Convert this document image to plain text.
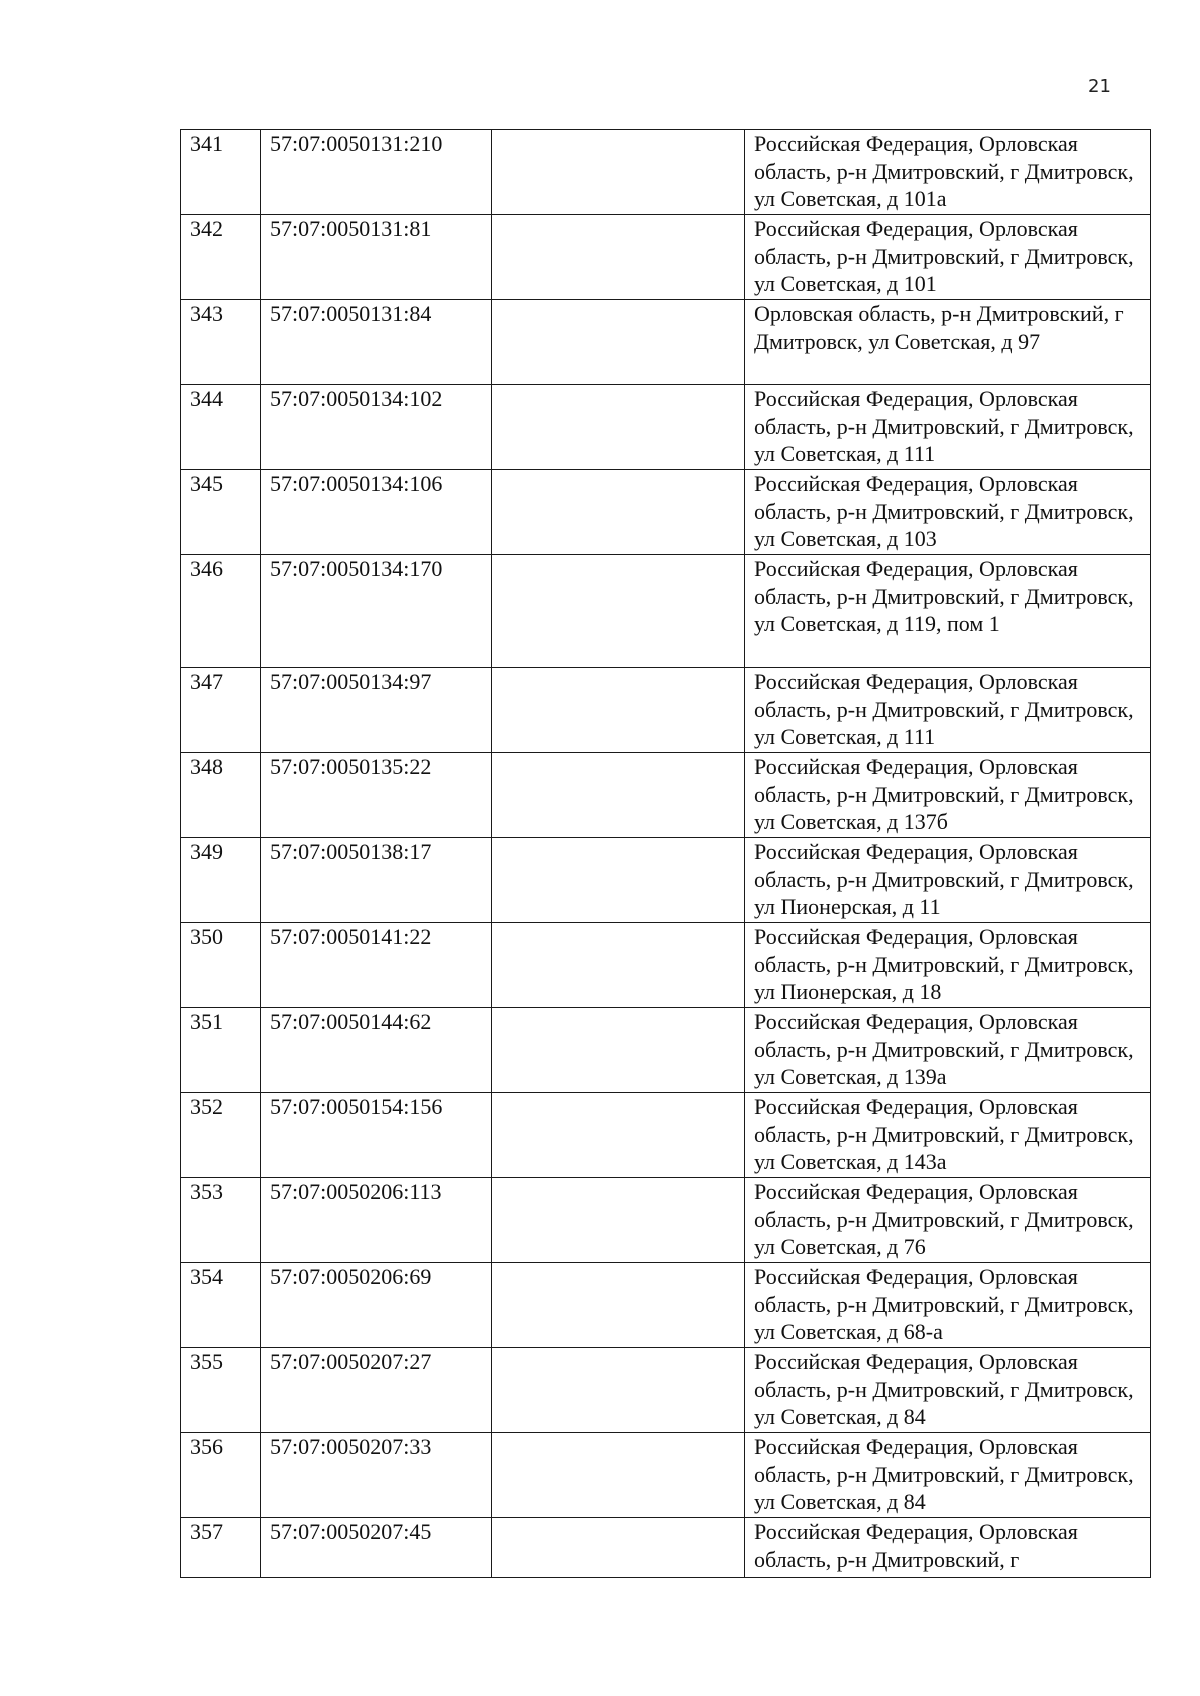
21
341	57:07:0050131:210		Российская Федерация, Орловская область, р-н Дмитровский, г Дмитровск, ул Советская, д 101а
342	57:07:0050131:81		Российская Федерация, Орловская область, р-н Дмитровский, г Дмитровск, ул Советская, д 101
343	57:07:0050131:84		Орловская область, р-н Дмитровский, г Дмитровск, ул Советская, д 97
344	57:07:0050134:102		Российская Федерация, Орловская область, р-н Дмитровский, г Дмитровск, ул Советская, д 111
345	57:07:0050134:106		Российская Федерация, Орловская область, р-н Дмитровский, г Дмитровск, ул Советская, д 103
346	57:07:0050134:170		Российская Федерация, Орловская область, р-н Дмитровский, г Дмитровск, ул Советская, д 119, пом 1
347	57:07:0050134:97		Российская Федерация, Орловская область, р-н Дмитровский, г Дмитровск, ул Советская, д 111
348	57:07:0050135:22		Российская Федерация, Орловская область, р-н Дмитровский, г Дмитровск, ул Советская, д 137б
349	57:07:0050138:17		Российская Федерация, Орловская область, р-н Дмитровский, г Дмитровск, ул Пионерская, д 11
350	57:07:0050141:22		Российская Федерация, Орловская область, р-н Дмитровский, г Дмитровск, ул Пионерская, д 18
351	57:07:0050144:62		Российская Федерация, Орловская область, р-н Дмитровский, г Дмитровск, ул Советская, д 139а
352	57:07:0050154:156		Российская Федерация, Орловская область, р-н Дмитровский, г Дмитровск, ул Советская, д 143а
353	57:07:0050206:113		Российская Федерация, Орловская область, р-н Дмитровский, г Дмитровск, ул Советская, д 76
354	57:07:0050206:69		Российская Федерация, Орловская область, р-н Дмитровский, г Дмитровск, ул Советская, д 68-а
355	57:07:0050207:27		Российская Федерация, Орловская область, р-н Дмитровский, г Дмитровск, ул Советская, д 84
356	57:07:0050207:33		Российская Федерация, Орловская область, р-н Дмитровский, г Дмитровск, ул Советская, д 84
357	57:07:0050207:45		Российская Федерация, Орловская область, р-н Дмитровский, г
